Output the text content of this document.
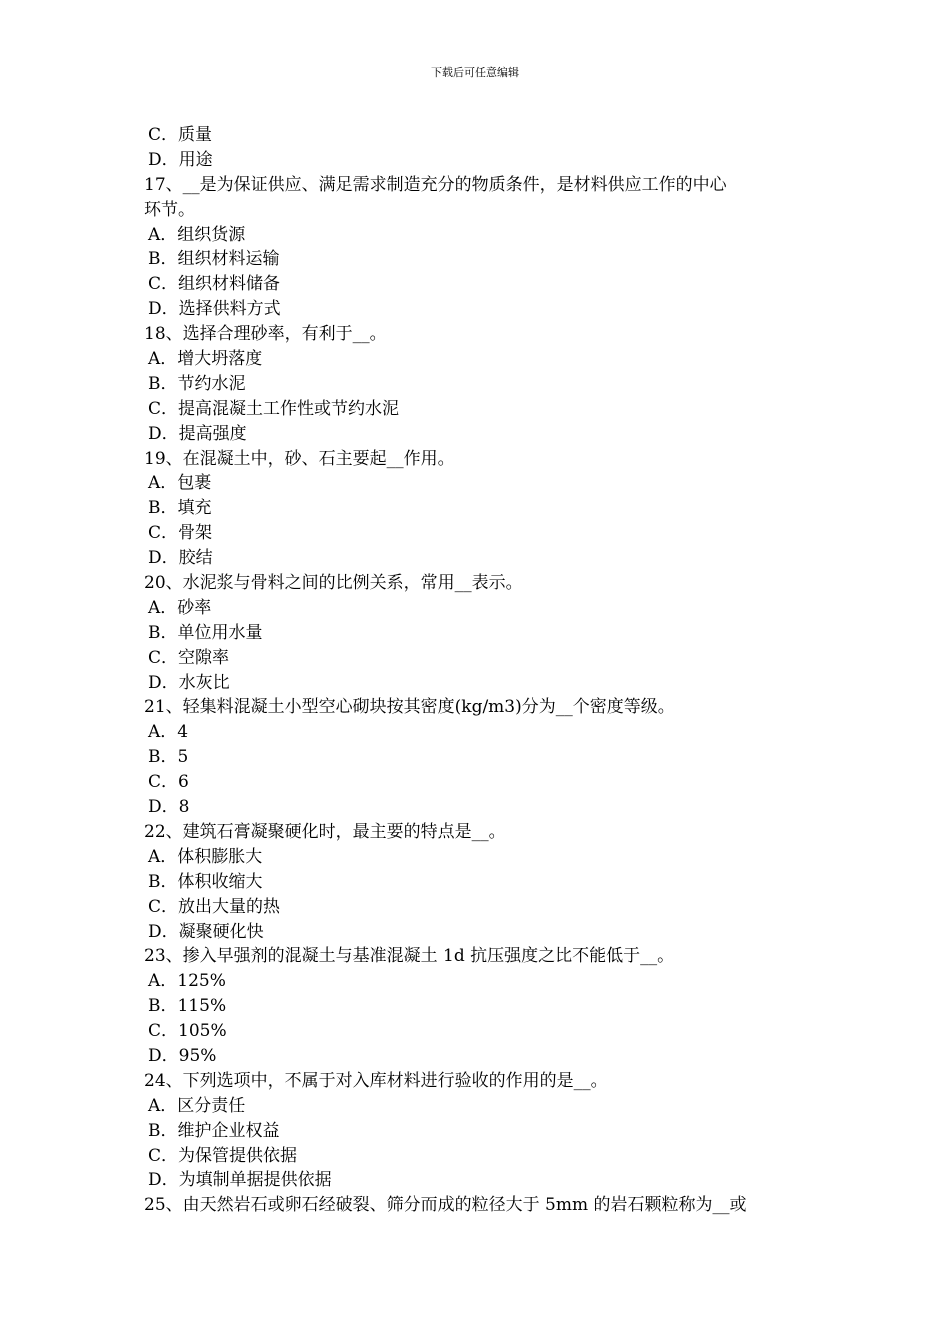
下载后可任意编辑
C．质量
D．用途
17、__是为保证供应、满足需求制造充分的物质条件，是材料供应工作的中心
环节。
A．组织货源
B．组织材料运输
C．组织材料储备
D．选择供料方式
18、选择合理砂率，有利于__。
A．增大坍落度
B．节约水泥
C．提高混凝土工作性或节约水泥
D．提高强度
19、在混凝土中，砂、石主要起__作用。
A．包裹
B．填充
C．骨架
D．胶结
20、水泥浆与骨料之间的比例关系，常用__表示。
A．砂率
B．单位用水量
C．空隙率
D．水灰比
21、轻集料混凝土小型空心砌块按其密度(kg/m3)分为__个密度等级。
A．4
B．5
C．6
D．8
22、建筑石膏凝聚硬化时，最主要的特点是__。
A．体积膨胀大
B．体积收缩大
C．放出大量的热
D．凝聚硬化快
23、掺入早强剂的混凝土与基准混凝土 1d 抗压强度之比不能低于__。
A．125%
B．115%
C．105%
D．95%
24、下列选项中，不属于对入库材料进行验收的作用的是__。
A．区分责任
B．维护企业权益
C．为保管提供依据
D．为填制单据提供依据
25、由天然岩石或卵石经破裂、筛分而成的粒径大于 5mm 的岩石颗粒称为__或
